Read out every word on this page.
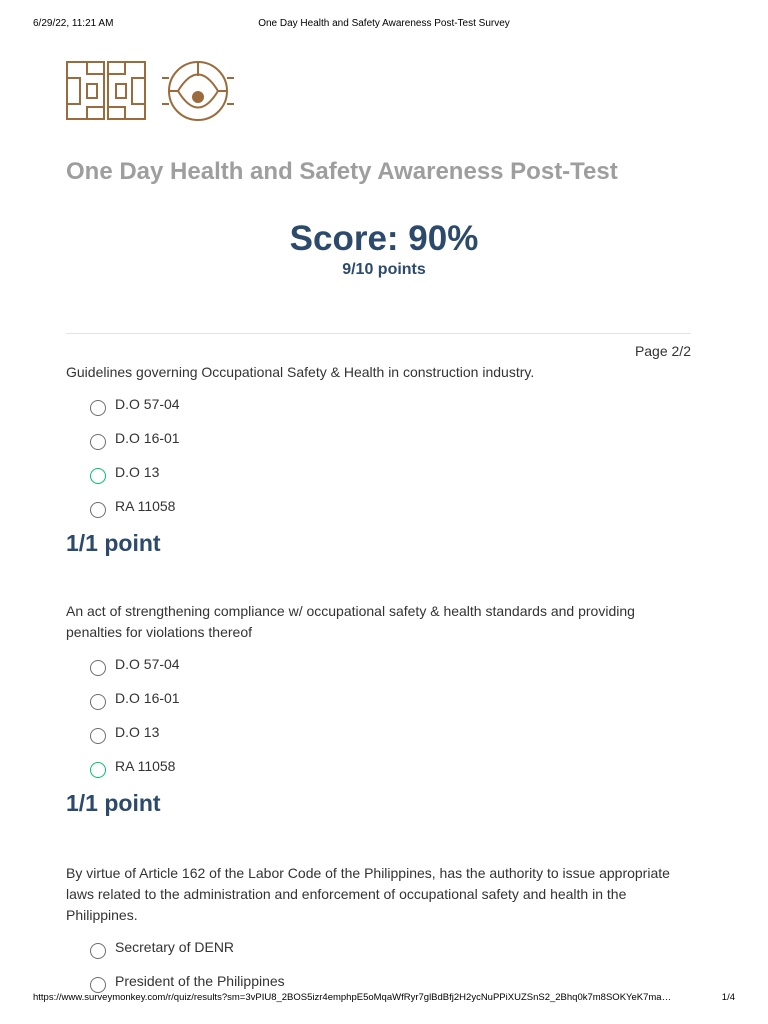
6/29/22, 11:21 AM	One Day Health and Safety Awareness Post-Test Survey
One Day Health and Safety Awareness Post-Test
Score: 90%
9/10 points
Page 2/2

Guidelines governing Occupational Safety & Health in construction industry.

D.O 57-04
D.O 16-01
D.O 13
RA 11058

1/1 point

An act of strengthening compliance w/ occupational safety & health standards and providing penalties for violations thereof

D.O 57-04
D.O 16-01
D.O 13
RA 11058

1/1 point

By virtue of Article 162 of the Labor Code of the Philippines, has the authority to issue appropriate laws related to the administration and enforcement of occupational safety and health in the Philippines.

Secretary of DENR
President of the Philippines
https://www.surveymonkey.com/r/quiz/results?sm=3vPIU8_2BOS5izr4emphpE5oMqaWfRyr7glBdBfj2H2ycNuPPiXUZSnS2_2Bhq0k7m8SOKYeK7ma…	1/4
